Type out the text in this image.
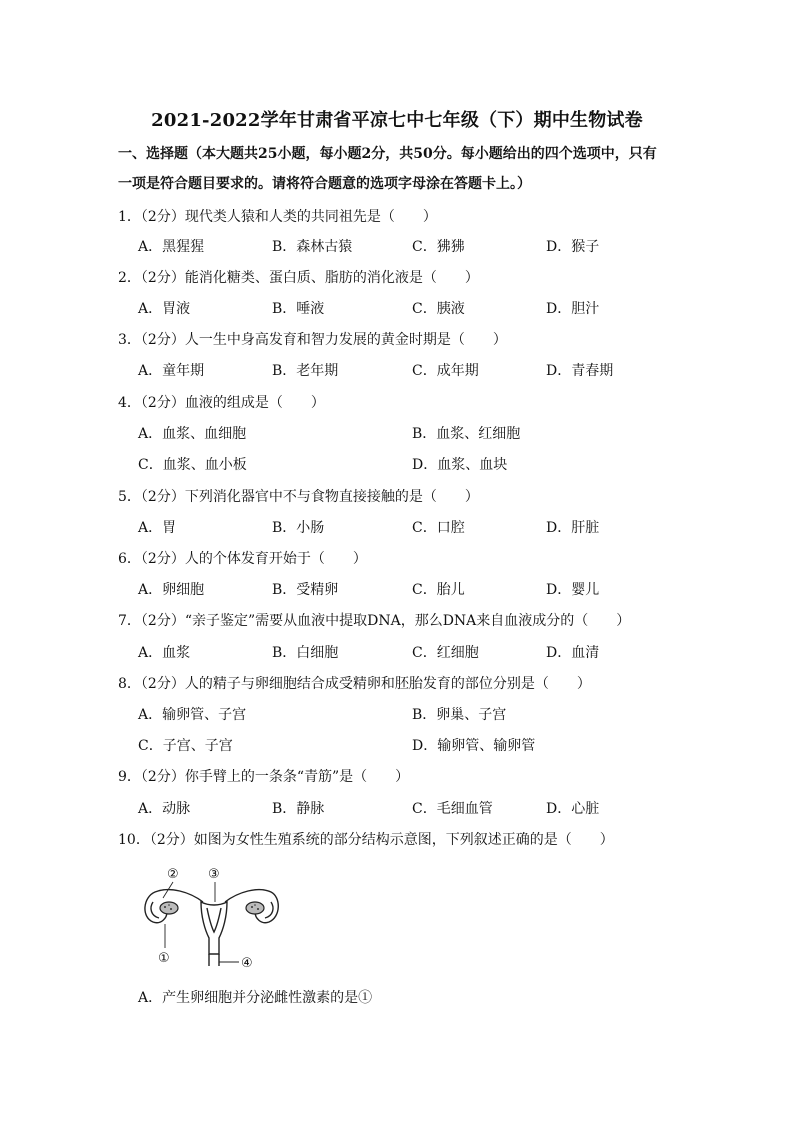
2021-2022学年甘肃省平凉七中七年级（下）期中生物试卷
一、选择题（本大题共25小题，每小题2分，共50分。每小题给出的四个选项中，只有
一项是符合题目要求的。请将符合题意的选项字母涂在答题卡上。）
1．（2分）现代类人猿和人类的共同祖先是（　　）
A．黑猩猩	B．森林古猿	C．狒狒	D．猴子
2．（2分）能消化糖类、蛋白质、脂肪的消化液是（　　）
A．胃液	B．唾液	C．胰液	D．胆汁
3．（2分）人一生中身高发育和智力发展的黄金时期是（　　）
A．童年期	B．老年期	C．成年期	D．青春期
4．（2分）血液的组成是（　　）
A．血浆、血细胞	B．血浆、红细胞
C．血浆、血小板	D．血浆、血块
5．（2分）下列消化器官中不与食物直接接触的是（　　）
A．胃	B．小肠	C．口腔	D．肝脏
6．（2分）人的个体发育开始于（　　）
A．卵细胞	B．受精卵	C．胎儿	D．婴儿
7．（2分）“亲子鉴定”需要从血液中提取DNA，那么DNA来自血液成分的（　　）
A．血浆	B．白细胞	C．红细胞	D．血清
8．（2分）人的精子与卵细胞结合成受精卵和胚胎发育的部位分别是（　　）
A．输卵管、子宫	B．卵巢、子宫
C．子宫、子宫	D．输卵管、输卵管
9．（2分）你手臂上的一条条“青筋”是（　　）
A．动脉	B．静脉	C．毛细血管	D．心脏
10．（2分）如图为女性生殖系统的部分结构示意图，下列叙述正确的是（　　）
② ③
①	④
A．产生卵细胞并分泌雌性激素的是①
